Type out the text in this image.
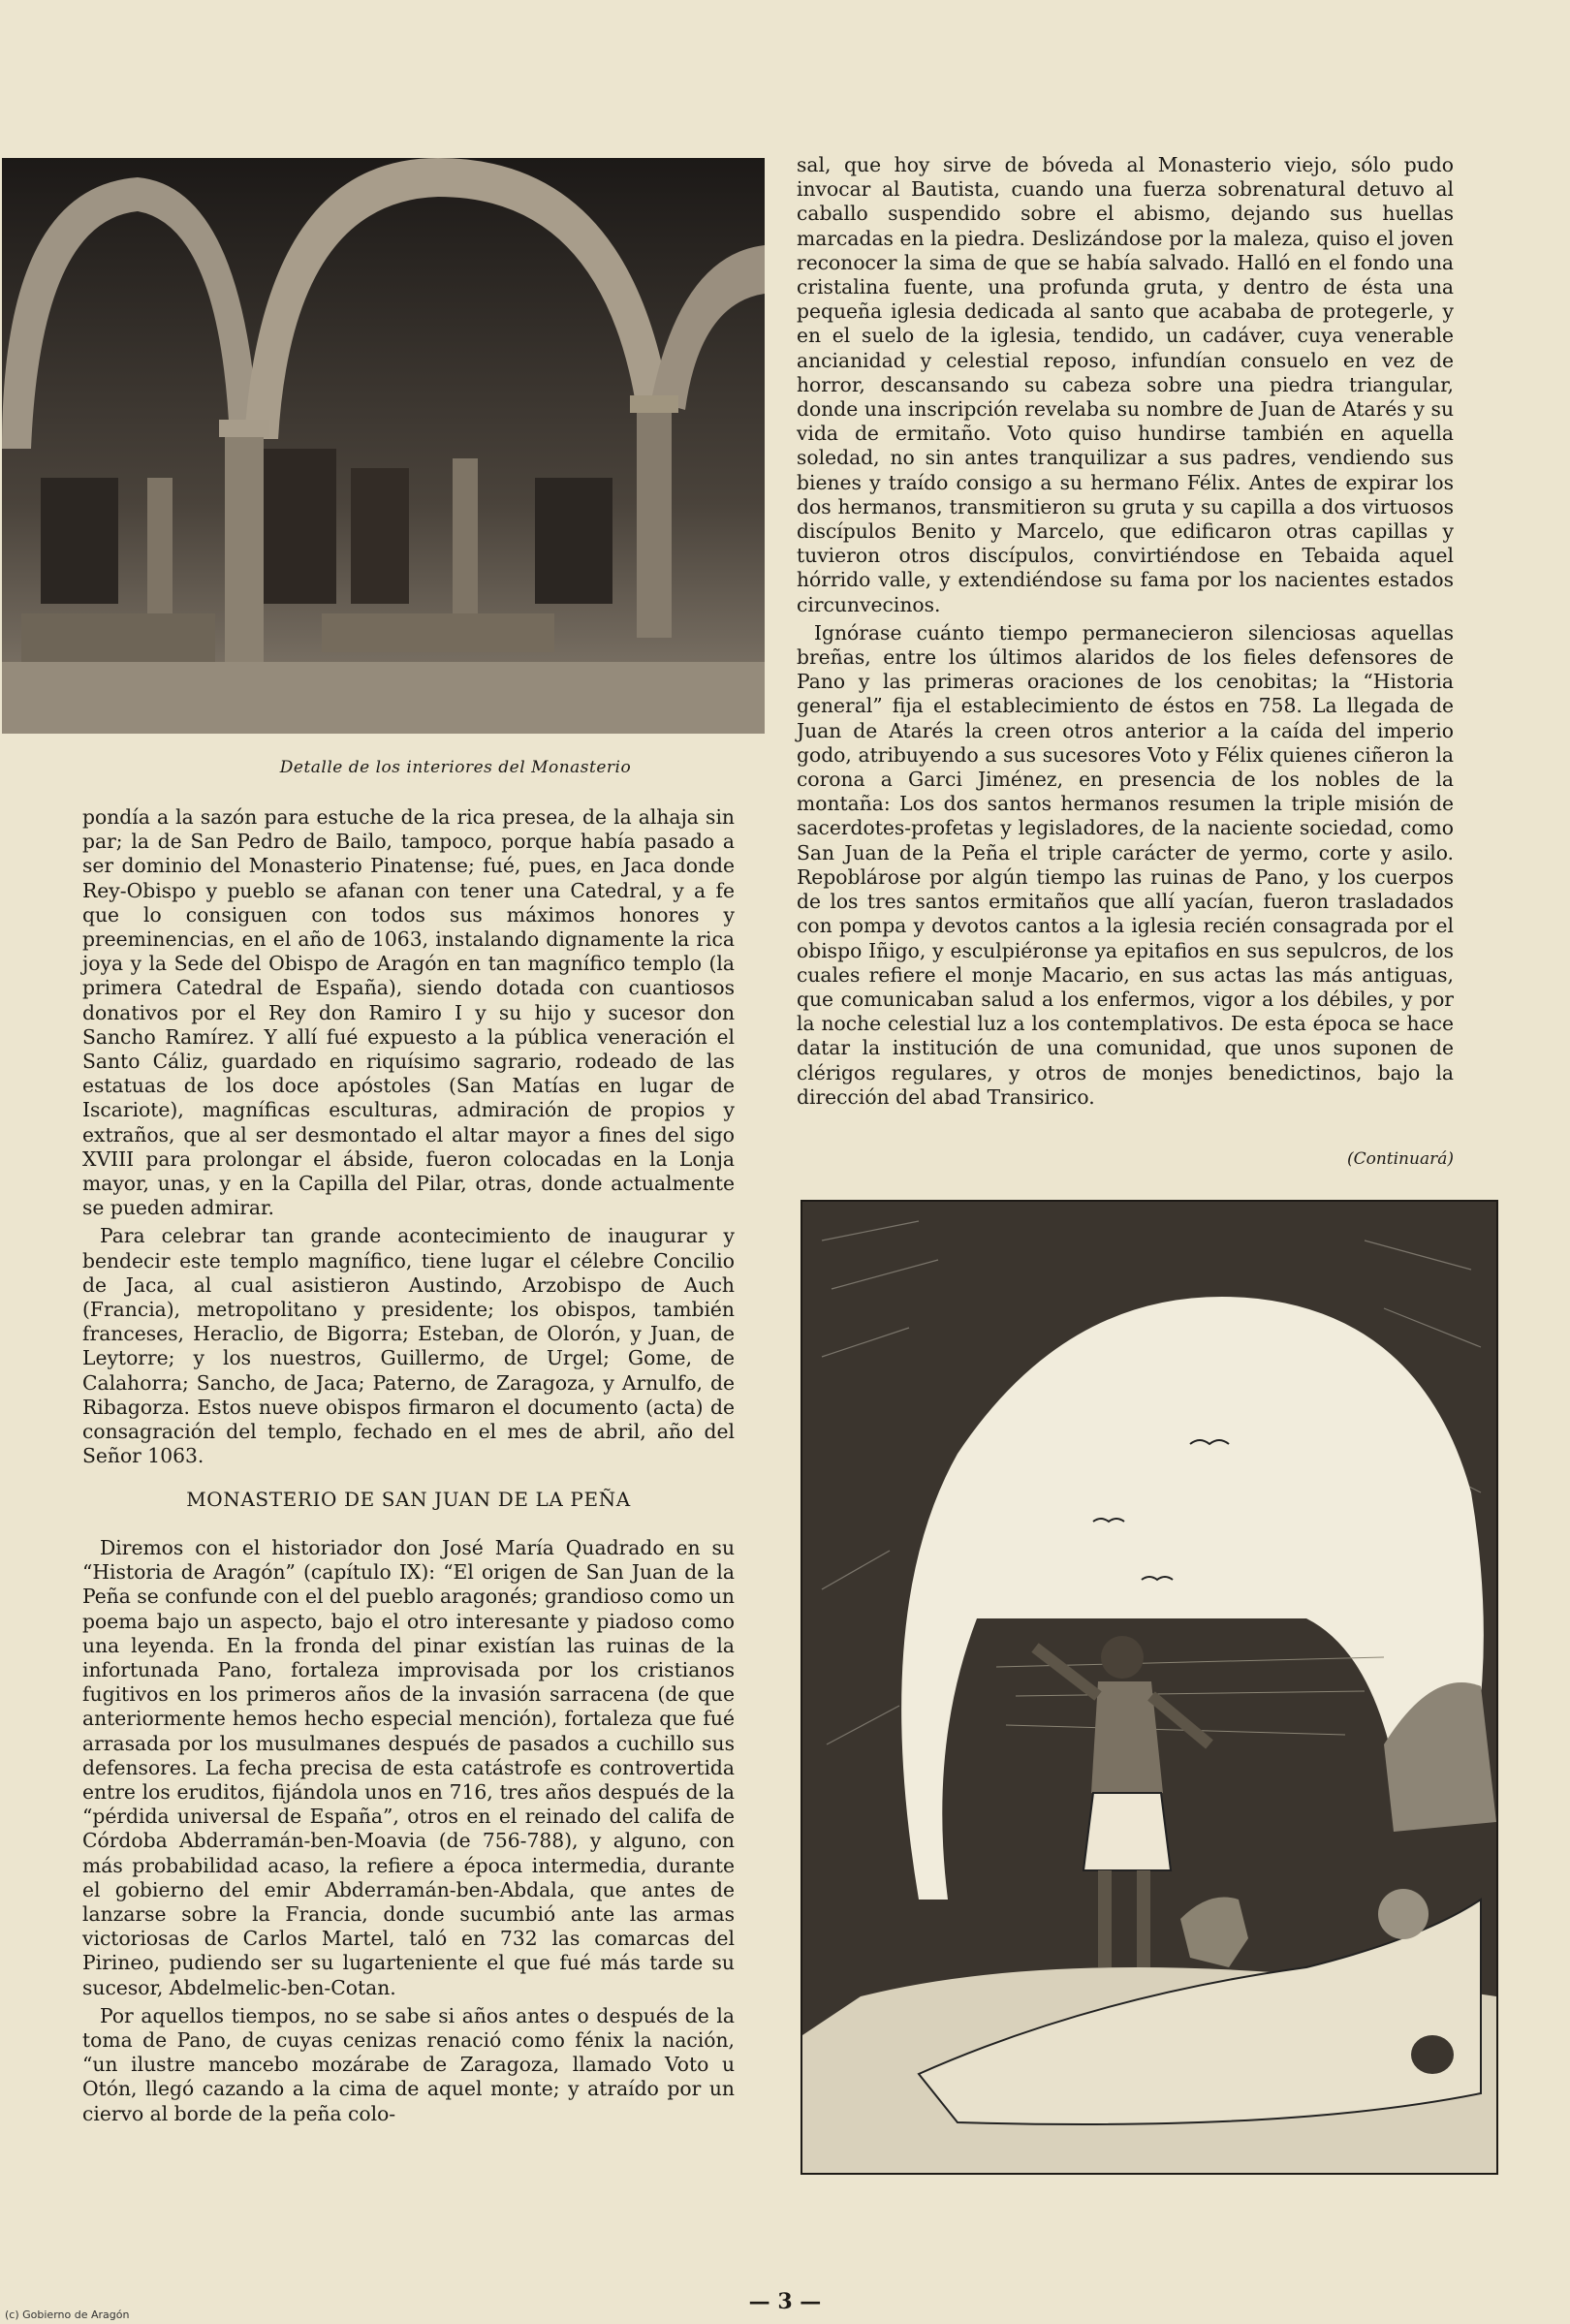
Detalle de los interiores del Monasterio

pondía a la sazón para estuche de la rica presea, de la alhaja sin par; la de San Pedro de Bailo, tampoco, porque había pasado a ser dominio del Monasterio Pinatense; fué, pues, en Jaca donde Rey-Obispo y pueblo se afanan con tener una Catedral, y a fe que lo consiguen con todos sus máximos honores y preeminencias, en el año de 1063, instalando dignamente la rica joya y la Sede del Obispo de Aragón en tan magnífico templo (la primera Catedral de España), siendo dotada con cuantiosos donativos por el Rey don Ramiro I y su hijo y sucesor don Sancho Ramírez. Y allí fué expuesto a la pública veneración el Santo Cáliz, guardado en riquísimo sagrario, rodeado de las estatuas de los doce apóstoles (San Matías en lugar de Iscariote), magníficas esculturas, admiración de propios y extraños, que al ser desmontado el altar mayor a fines del sigo XVIII para prolongar el ábside, fueron colocadas en la Lonja mayor, unas, y en la Capilla del Pilar, otras, donde actualmente se pueden admirar.

Para celebrar tan grande acontecimiento de inaugurar y bendecir este templo magnífico, tiene lugar el célebre Concilio de Jaca, al cual asistieron Austindo, Arzobispo de Auch (Francia), metropolitano y presidente; los obispos, también franceses, Heraclio, de Bigorra; Esteban, de Olorón, y Juan, de Leytorre; y los nuestros, Guillermo, de Urgel; Gome, de Calahorra; Sancho, de Jaca; Paterno, de Zaragoza, y Arnulfo, de Ribagorza. Estos nueve obispos firmaron el documento (acta) de consagración del templo, fechado en el mes de abril, año del Señor 1063.

MONASTERIO DE SAN JUAN DE LA PEÑA

Diremos con el historiador don José María Quadrado en su “Historia de Aragón” (capítulo IX): “El origen de San Juan de la Peña se confunde con el del pueblo aragonés; grandioso como un poema bajo un aspecto, bajo el otro interesante y piadoso como una leyenda. En la fronda del pinar existían las ruinas de la infortunada Pano, fortaleza improvisada por los cristianos fugitivos en los primeros años de la invasión sarracena (de que anteriormente hemos hecho especial mención), fortaleza que fué arrasada por los musulmanes después de pasados a cuchillo sus defensores. La fecha precisa de esta catástrofe es controvertida entre los eruditos, fijándola unos en 716, tres años después de la “pérdida universal de España”, otros en el reinado del califa de Córdoba Abderramán-ben-Moavia (de 756-788), y alguno, con más probabilidad acaso, la refiere a época intermedia, durante el gobierno del emir Abderramán-ben-Abdala, que antes de lanzarse sobre la Francia, donde sucumbió ante las armas victoriosas de Carlos Martel, taló en 732 las comarcas del Pirineo, pudiendo ser su lugarteniente el que fué más tarde su sucesor, Abdelmelic-ben-Cotan.

Por aquellos tiempos, no se sabe si años antes o después de la toma de Pano, de cuyas cenizas renació como fénix la nación, “un ilustre mancebo mozárabe de Zaragoza, llamado Voto u Otón, llegó cazando a la cima de aquel monte; y atraído por un ciervo al borde de la peña colo-

sal, que hoy sirve de bóveda al Monasterio viejo, sólo pudo invocar al Bautista, cuando una fuerza sobrenatural detuvo al caballo suspendido sobre el abismo, dejando sus huellas marcadas en la piedra. Deslizándose por la maleza, quiso el joven reconocer la sima de que se había salvado. Halló en el fondo una cristalina fuente, una profunda gruta, y dentro de ésta una pequeña iglesia dedicada al santo que acababa de protegerle, y en el suelo de la iglesia, tendido, un cadáver, cuya venerable ancianidad y celestial reposo, infundían consuelo en vez de horror, descansando su cabeza sobre una piedra triangular, donde una inscripción revelaba su nombre de Juan de Atarés y su vida de ermitaño. Voto quiso hundirse también en aquella soledad, no sin antes tranquilizar a sus padres, vendiendo sus bienes y traído consigo a su hermano Félix. Antes de expirar los dos hermanos, transmitieron su gruta y su capilla a dos virtuosos discípulos Benito y Marcelo, que edificaron otras capillas y tuvieron otros discípulos, convirtiéndose en Tebaida aquel hórrido valle, y extendiéndose su fama por los nacientes estados circunvecinos.

Ignórase cuánto tiempo permanecieron silenciosas aquellas breñas, entre los últimos alaridos de los fieles defensores de Pano y las primeras oraciones de los cenobitas; la “Historia general” fija el establecimiento de éstos en 758. La llegada de Juan de Atarés la creen otros anterior a la caída del imperio godo, atribuyendo a sus sucesores Voto y Félix quienes ciñeron la corona a Garci Jiménez, en presencia de los nobles de la montaña: Los dos santos hermanos resumen la triple misión de sacerdotes-profetas y legisladores, de la naciente sociedad, como San Juan de la Peña el triple carácter de yermo, corte y asilo. Repoblárose por algún tiempo las ruinas de Pano, y los cuerpos de los tres santos ermitaños que allí yacían, fueron trasladados con pompa y devotos cantos a la iglesia recién consagrada por el obispo Iñigo, y esculpiéronse ya epitafios en sus sepulcros, de los cuales refiere el monje Macario, en sus actas las más antiguas, que comunicaban salud a los enfermos, vigor a los débiles, y por la noche celestial luz a los contemplativos. De esta época se hace datar la institución de una comunidad, que unos suponen de clérigos regulares, y otros de monjes benedictinos, bajo la dirección del abad Transirico.

(Continuará)
— 3 —
(c) Gobierno de Aragón
